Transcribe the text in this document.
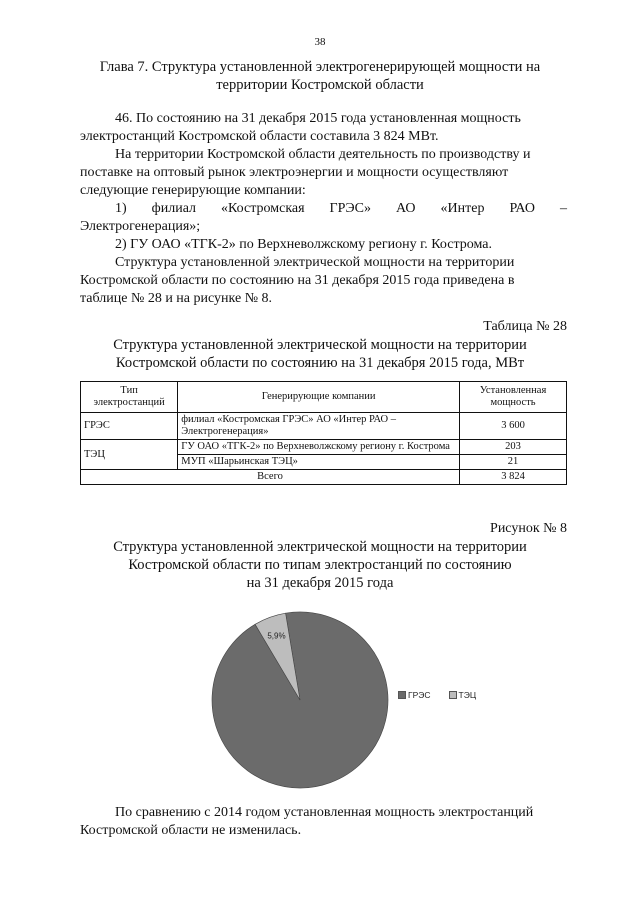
38
Глава 7. Структура установленной электрогенерирующей мощности на
территории Костромской области
46. По состоянию на 31 декабря 2015 года установленная мощность
электростанций Костромской области составила 3 824 МВт.
На территории Костромской области деятельность по производству и
поставке на оптовый рынок электроэнергии и мощности осуществляют
следующие генерирующие компании:
1) филиал «Костромская ГРЭС» АО «Интер РАО –
Электрогенерация»;
2) ГУ ОАО «ТГК-2» по Верхневолжскому региону г. Кострома.
Структура установленной электрической мощности на территории
Костромской области по состоянию на 31 декабря 2015 года приведена в
таблице № 28 и на рисунке № 8.
Таблица № 28
Структура установленной электрической мощности на территории
Костромской области по состоянию на 31 декабря 2015 года, МВт
Тип электростанций	Генерирующие компании	Установленная мощность
ГРЭС	филиал «Костромская ГРЭС» АО «Интер РАО – Электрогенерация»	3 600
ТЭЦ	ГУ ОАО «ТГК-2» по Верхневолжскому региону г. Кострома	203
	МУП «Шарьинская ТЭЦ»	21
Всего		3 824
Рисунок № 8
Структура установленной электрической мощности на территории
Костромской области по типам электростанций по состоянию
на 31 декабря 2015 года
5,9%
ГРЭС	ТЭЦ
По сравнению с 2014 годом установленная мощность электростанций
Костромской области не изменилась.
